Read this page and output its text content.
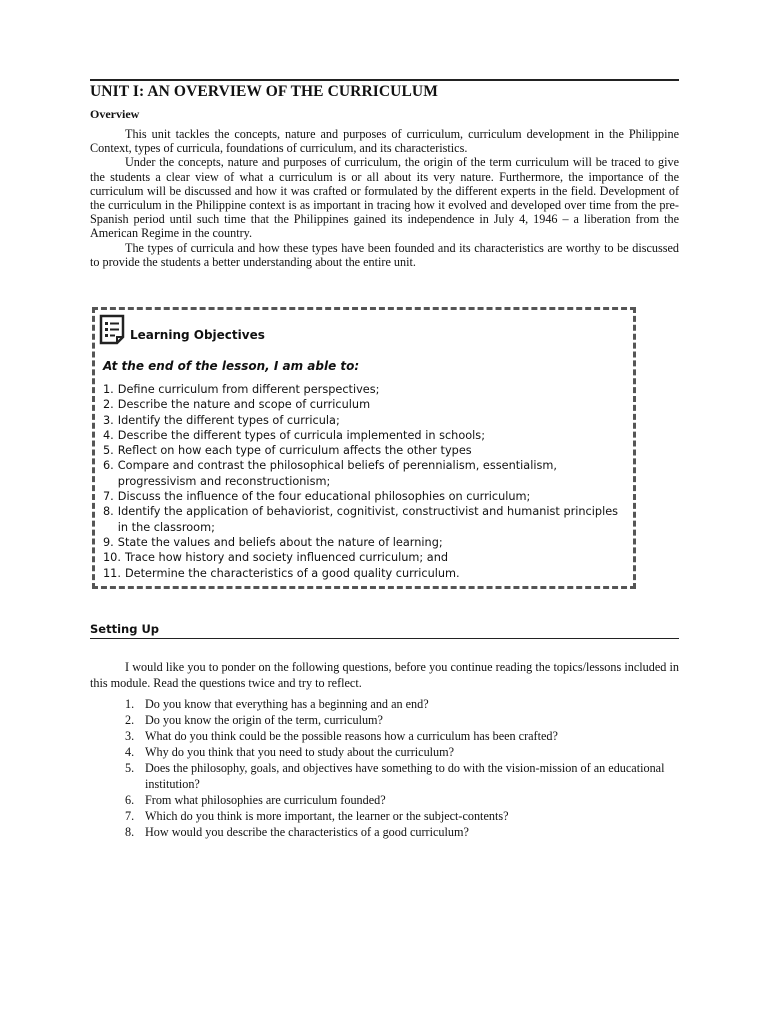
UNIT I: AN OVERVIEW OF THE CURRICULUM
Overview

This unit tackles the concepts, nature and purposes of curriculum, curriculum development in the Philippine Context, types of curricula, foundations of curriculum, and its characteristics.

Under the concepts, nature and purposes of curriculum, the origin of the term curriculum will be traced to give the students a clear view of what a curriculum is or all about its very nature. Furthermore, the importance of the curriculum will be discussed and how it was crafted or formulated by the different experts in the field. Development of the curriculum in the Philippine context is as important in tracing how it evolved and developed over time from the pre-Spanish period until such time that the Philippines gained its independence in July 4, 1946 – a liberation from the American Regime in the country.

The types of curricula and how these types have been founded and its characteristics are worthy to be discussed to provide the students a better understanding about the entire unit.

Learning Objectives
At the end of the lesson, I am able to:
1. Define curriculum from different perspectives;
2. Describe the nature and scope of curriculum
3. Identify the different types of curricula;
4. Describe the different types of curricula implemented in schools;
5. Reflect on how each type of curriculum affects the other types
6. Compare and contrast the philosophical beliefs of perennialism, essentialism, progressivism and reconstructionism;
7. Discuss the influence of the four educational philosophies on curriculum;
8. Identify the application of behaviorist, cognitivist, constructivist and humanist principles in the classroom;
9. State the values and beliefs about the nature of learning;
10. Trace how history and society influenced curriculum; and
11. Determine the characteristics of a good quality curriculum.
Setting Up

I would like you to ponder on the following questions, before you continue reading the topics/lessons included in this module. Read the questions twice and try to reflect.

1. Do you know that everything has a beginning and an end?
2. Do you know the origin of the term, curriculum?
3. What do you think could be the possible reasons how a curriculum has been crafted?
4. Why do you think that you need to study about the curriculum?
5. Does the philosophy, goals, and objectives have something to do with the vision-mission of an educational institution?
6. From what philosophies are curriculum founded?
7. Which do you think is more important, the learner or the subject-contents?
8. How would you describe the characteristics of a good curriculum?
